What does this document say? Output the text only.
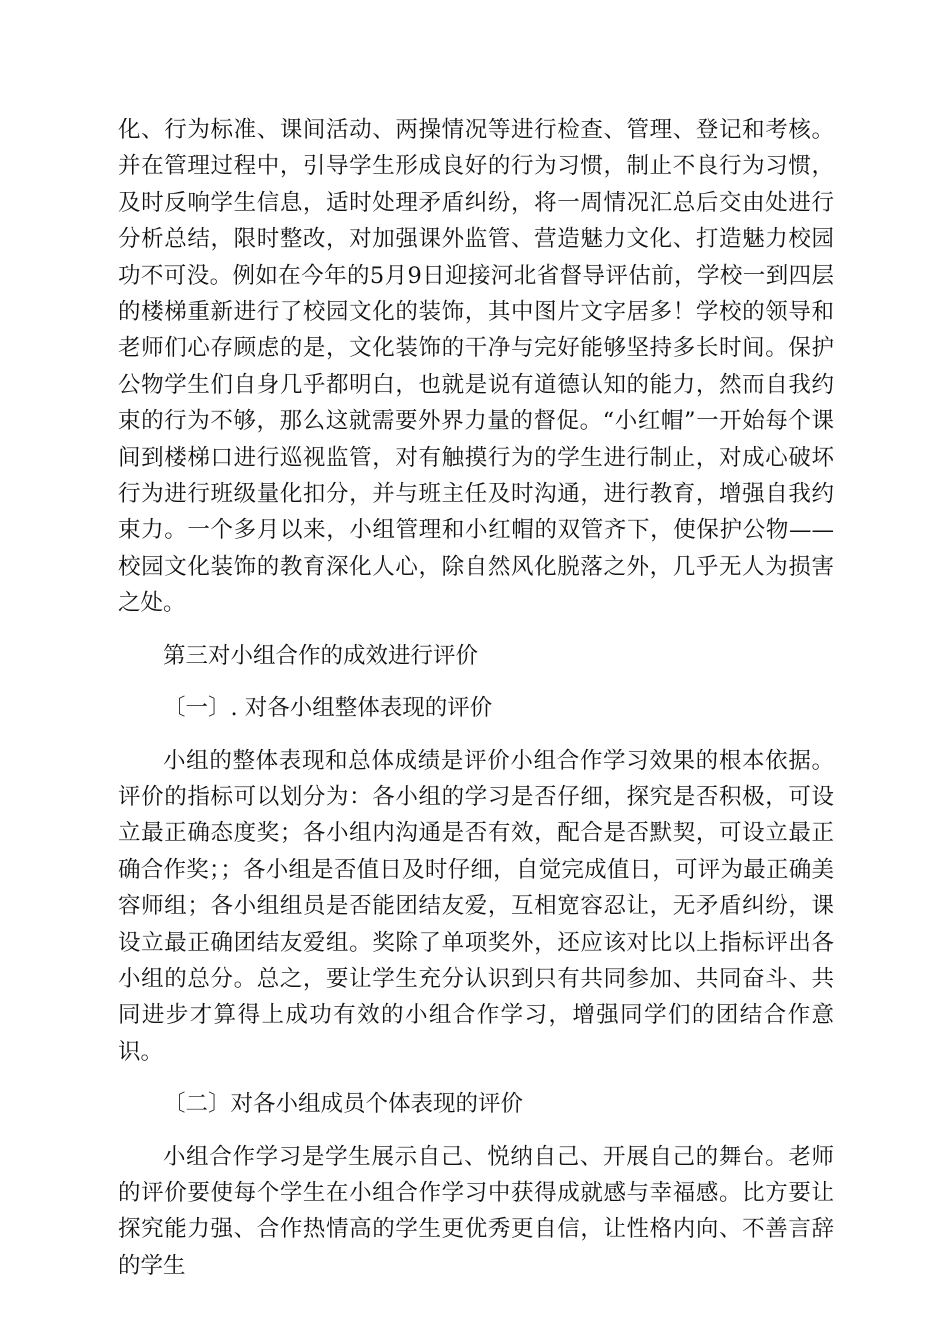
化、行为标准、课间活动、两操情况等进行检查、管理、登记和考核。并在管理过程中，引导学生形成良好的行为习惯，制止不良行为习惯，及时反响学生信息，适时处理矛盾纠纷，将一周情况汇总后交由处进行分析总结，限时整改，对加强课外监管、营造魅力文化、打造魅力校园功不可没。例如在今年的5月9日迎接河北省督导评估前，学校一到四层的楼梯重新进行了校园文化的装饰，其中图片文字居多！学校的领导和老师们心存顾虑的是，文化装饰的干净与完好能够坚持多长时间。保护公物学生们自身几乎都明白，也就是说有道德认知的能力，然而自我约束的行为不够，那么这就需要外界力量的督促。“小红帽”一开始每个课间到楼梯口进行巡视监管，对有触摸行为的学生进行制止，对成心破坏行为进行班级量化扣分，并与班主任及时沟通，进行教育，增强自我约束力。一个多月以来，小组管理和小红帽的双管齐下，使保护公物——校园文化装饰的教育深化人心，除自然风化脱落之外，几乎无人为损害之处。

第三对小组合作的成效进行评价

〔一〕. 对各小组整体表现的评价

小组的整体表现和总体成绩是评价小组合作学习效果的根本依据。评价的指标可以划分为：各小组的学习是否仔细，探究是否积极，可设立最正确态度奖；各小组内沟通是否有效，配合是否默契，可设立最正确合作奖；；各小组是否值日及时仔细，自觉完成值日，可评为最正确美容师组；各小组组员是否能团结友爱，互相宽容忍让，无矛盾纠纷，课设立最正确团结友爱组。奖除了单项奖外，还应该对比以上指标评出各小组的总分。总之，要让学生充分认识到只有共同参加、共同奋斗、共同进步才算得上成功有效的小组合作学习，增强同学们的团结合作意识。

〔二〕对各小组成员个体表现的评价

小组合作学习是学生展示自己、悦纳自己、开展自己的舞台。老师的评价要使每个学生在小组合作学习中获得成就感与幸福感。比方要让探究能力强、合作热情高的学生更优秀更自信，让性格内向、不善言辞的学生
